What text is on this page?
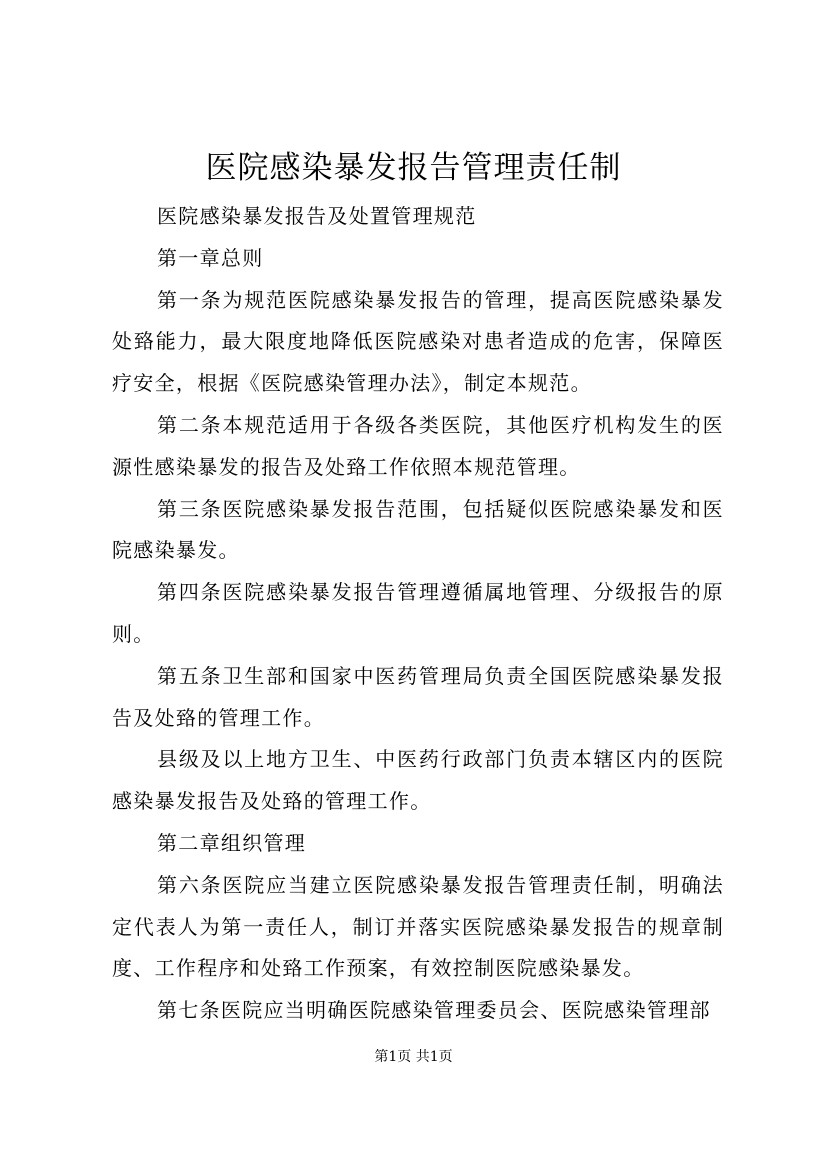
医院感染暴发报告管理责任制

医院感染暴发报告及处置管理规范

第一章总则

第一条为规范医院感染暴发报告的管理，提高医院感染暴发处臵能力，最大限度地降低医院感染对患者造成的危害，保障医疗安全，根据《医院感染管理办法》，制定本规范。

第二条本规范适用于各级各类医院，其他医疗机构发生的医源性感染暴发的报告及处臵工作依照本规范管理。

第三条医院感染暴发报告范围，包括疑似医院感染暴发和医院感染暴发。

第四条医院感染暴发报告管理遵循属地管理、分级报告的原则。

第五条卫生部和国家中医药管理局负责全国医院感染暴发报告及处臵的管理工作。

县级及以上地方卫生、中医药行政部门负责本辖区内的医院感染暴发报告及处臵的管理工作。

第二章组织管理

第六条医院应当建立医院感染暴发报告管理责任制，明确法定代表人为第一责任人，制订并落实医院感染暴发报告的规章制度、工作程序和处臵工作预案，有效控制医院感染暴发。

第七条医院应当明确医院感染管理委员会、医院感染管理部

第1页 共1页
